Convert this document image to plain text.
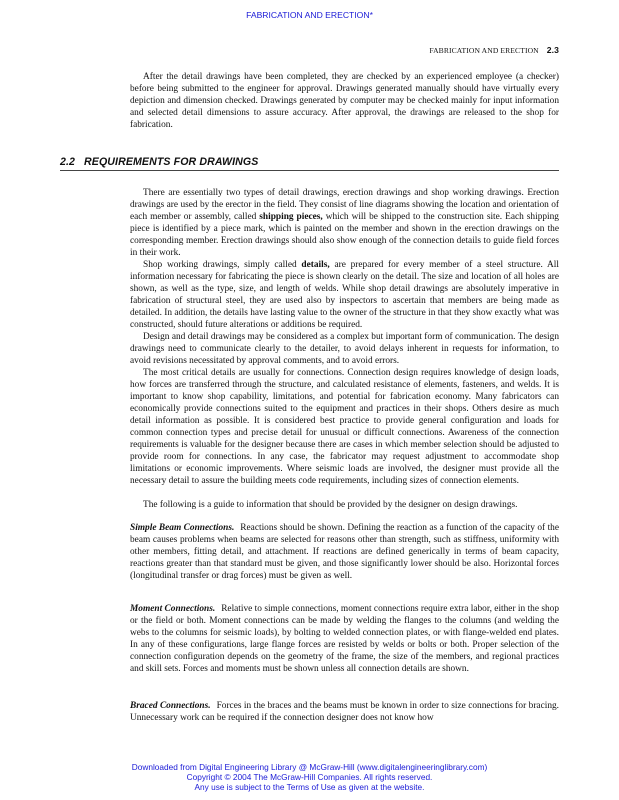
FABRICATION AND ERECTION*
FABRICATION AND ERECTION 2.3

After the detail drawings have been completed, they are checked by an experienced employee (a checker) before being submitted to the engineer for approval. Drawings generated manually should have virtually every depiction and dimension checked. Drawings generated by computer may be checked mainly for input information and selected detail dimensions to assure accuracy. After approval, the drawings are released to the shop for fabrication.

2.2 REQUIREMENTS FOR DRAWINGS

There are essentially two types of detail drawings, erection drawings and shop working drawings. Erection drawings are used by the erector in the field. They consist of line diagrams showing the location and orientation of each member or assembly, called shipping pieces, which will be shipped to the construction site. Each shipping piece is identified by a piece mark, which is painted on the member and shown in the erection drawings on the corresponding member. Erection drawings should also show enough of the connection details to guide field forces in their work.

Shop working drawings, simply called details, are prepared for every member of a steel structure. All information necessary for fabricating the piece is shown clearly on the detail. The size and location of all holes are shown, as well as the type, size, and length of welds. While shop detail drawings are absolutely imperative in fabrication of structural steel, they are used also by inspectors to ascertain that members are being made as detailed. In addition, the details have lasting value to the owner of the structure in that they show exactly what was constructed, should future alterations or additions be required.

Design and detail drawings may be considered as a complex but important form of communication. The design drawings need to communicate clearly to the detailer, to avoid delays inherent in requests for information, to avoid revisions necessitated by approval comments, and to avoid errors.

The most critical details are usually for connections. Connection design requires knowledge of design loads, how forces are transferred through the structure, and calculated resistance of elements, fasteners, and welds. It is important to know shop capability, limitations, and potential for fabrication economy. Many fabricators can economically provide connections suited to the equipment and practices in their shops. Others desire as much detail information as possible. It is considered best practice to provide general configuration and loads for common connection types and precise detail for unusual or difficult connections. Awareness of the connection requirements is valuable for the designer because there are cases in which member selection should be adjusted to provide room for connections. In any case, the fabricator may request adjustment to accommodate shop limitations or economic improvements. Where seismic loads are involved, the designer must provide all the necessary detail to assure the building meets code requirements, including sizes of connection elements.

The following is a guide to information that should be provided by the designer on design drawings.

Simple Beam Connections. Reactions should be shown. Defining the reaction as a function of the capacity of the beam causes problems when beams are selected for reasons other than strength, such as stiffness, uniformity with other members, fitting detail, and attachment. If reactions are defined generically in terms of beam capacity, reactions greater than that standard must be given, and those significantly lower should be also. Horizontal forces (longitudinal transfer or drag forces) must be given as well.

Moment Connections. Relative to simple connections, moment connections require extra labor, either in the shop or the field or both. Moment connections can be made by welding the flanges to the columns (and welding the webs to the columns for seismic loads), by bolting to welded connection plates, or with flange-welded end plates. In any of these configurations, large flange forces are resisted by welds or bolts or both. Proper selection of the connection configuration depends on the geometry of the frame, the size of the members, and regional practices and skill sets. Forces and moments must be shown unless all connection details are shown.

Braced Connections. Forces in the braces and the beams must be known in order to size connections for bracing. Unnecessary work can be required if the connection designer does not know how

Downloaded from Digital Engineering Library @ McGraw-Hill (www.digitalengineeringlibrary.com)
Copyright © 2004 The McGraw-Hill Companies. All rights reserved.
Any use is subject to the Terms of Use as given at the website.
